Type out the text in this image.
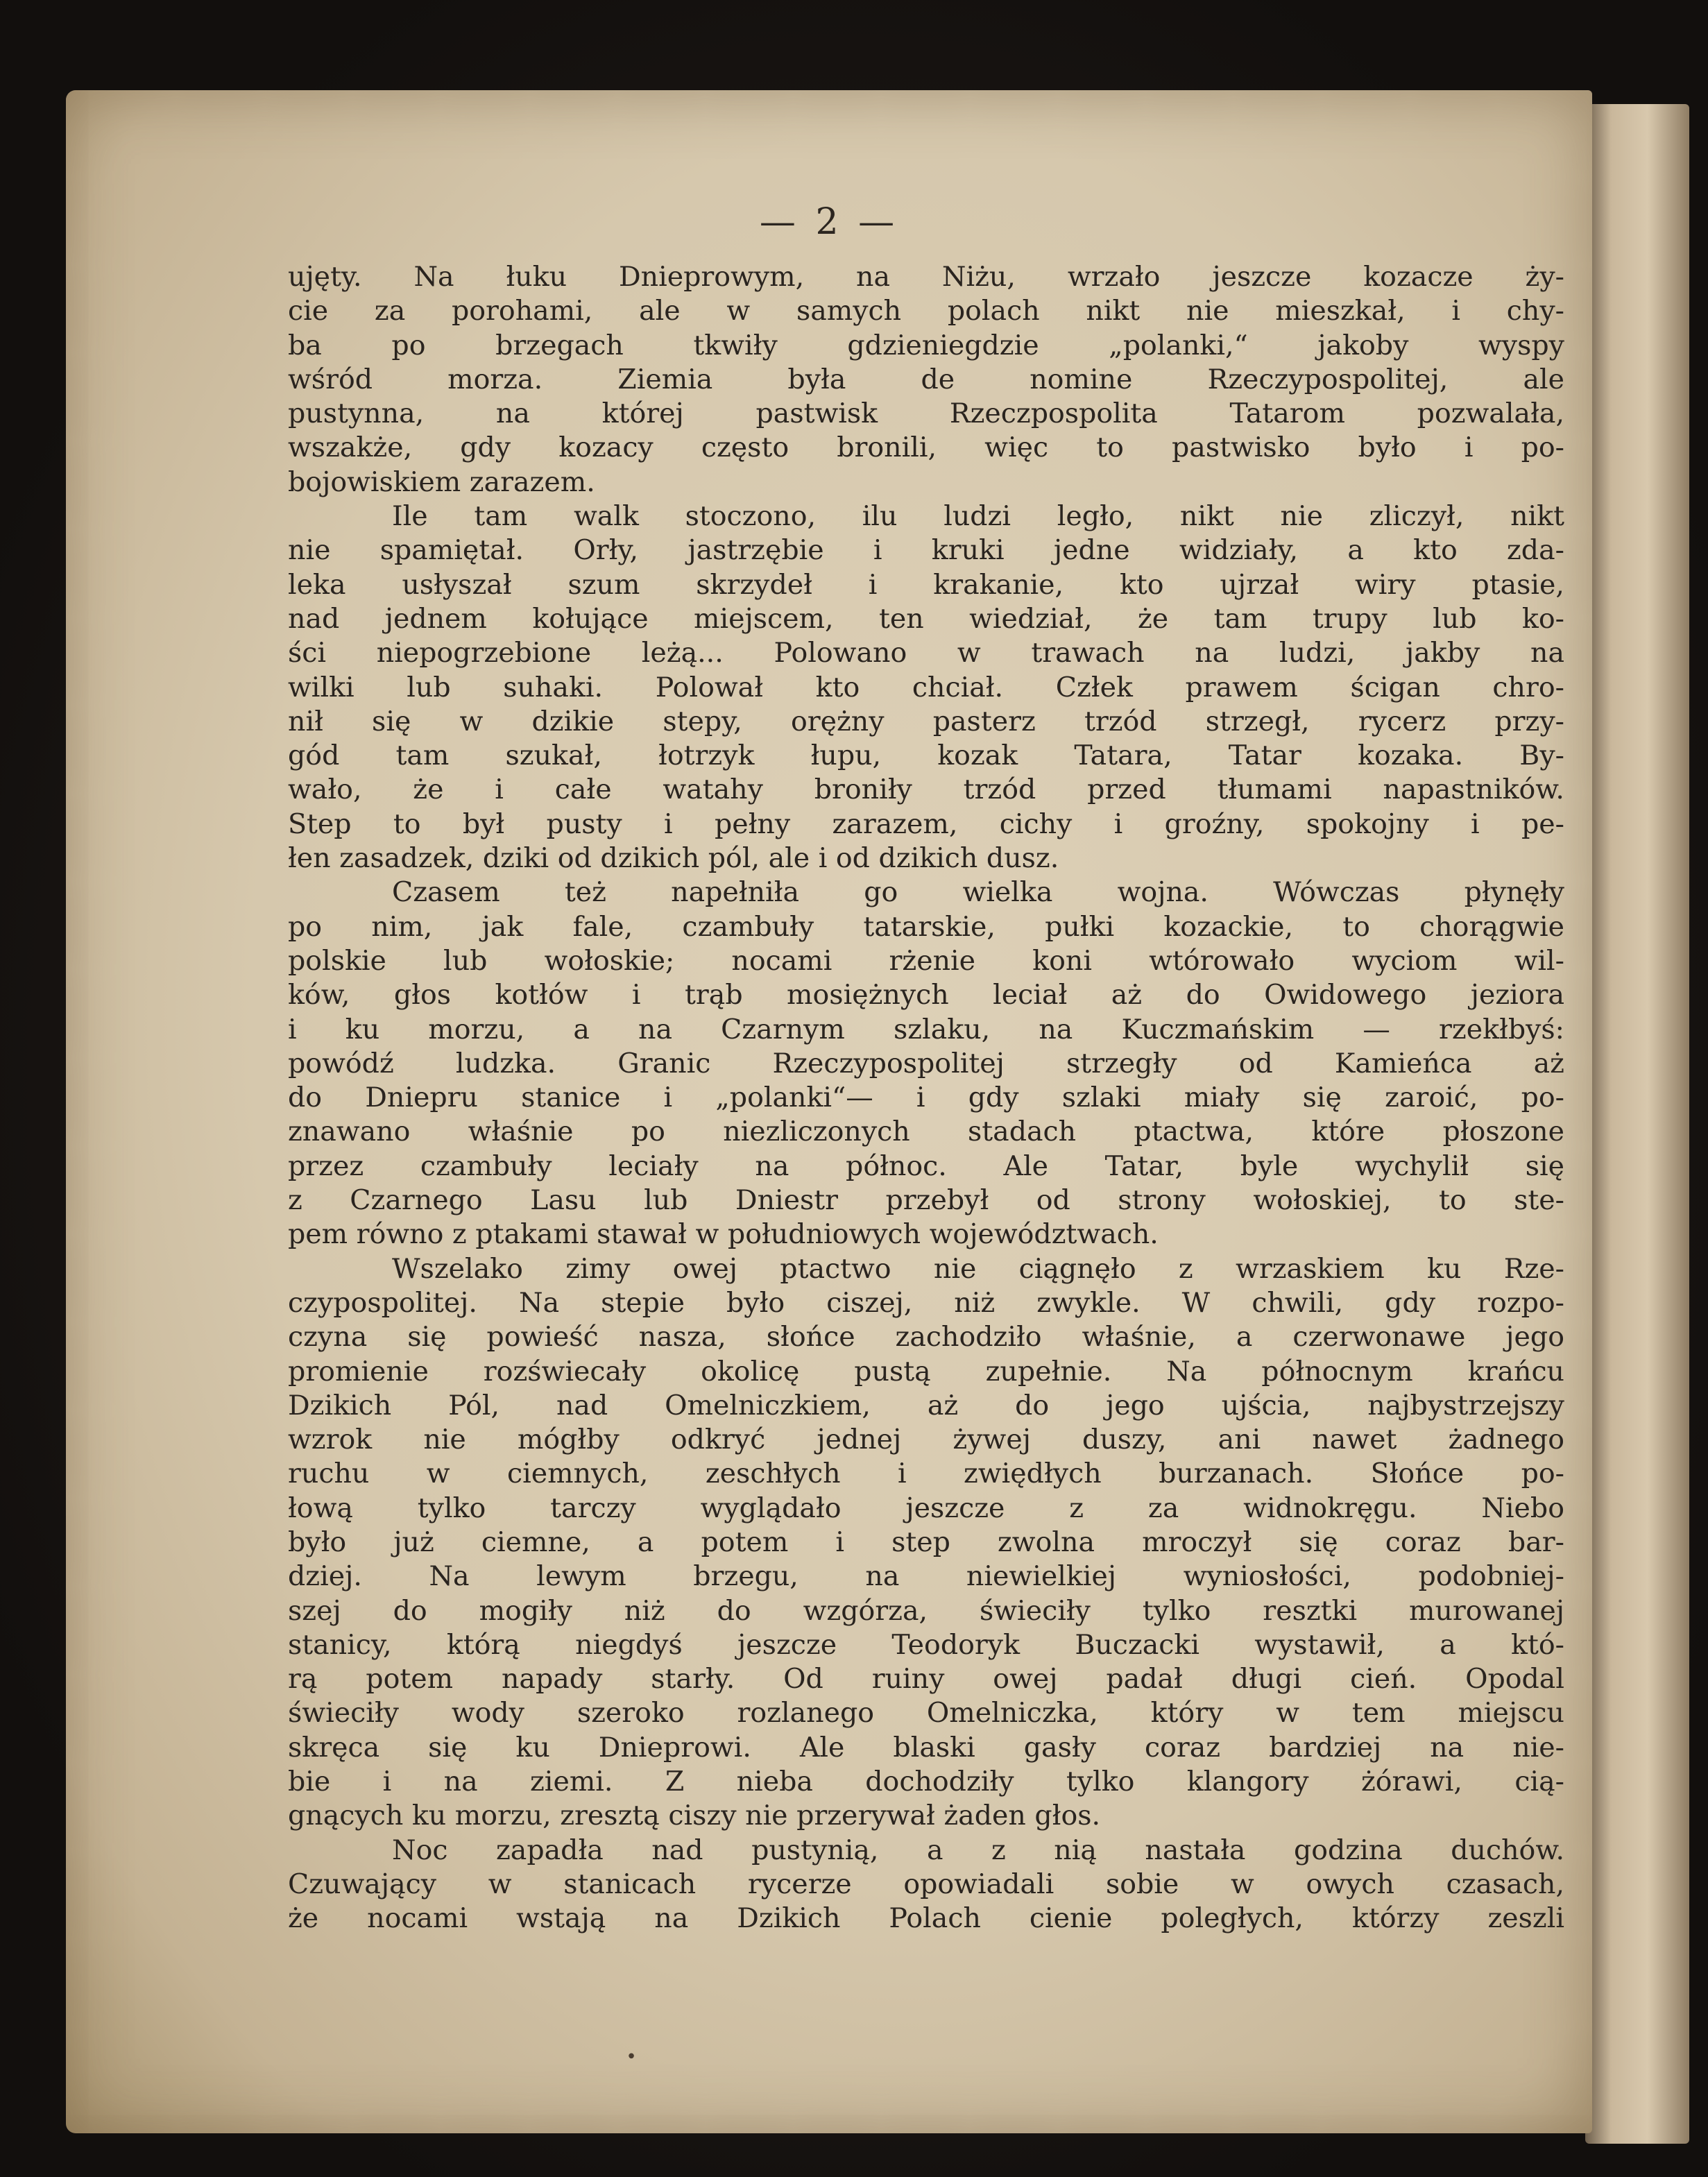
— 2 —
ujęty. Na łuku Dnieprowym, na Niżu, wrzało jeszcze kozacze ży-
cie za porohami, ale w samych polach nikt nie mieszkał, i chy-
ba po brzegach tkwiły gdzieniegdzie „polanki,“ jakoby wyspy
wśród morza. Ziemia była de nomine Rzeczypospolitej, ale
pustynna, na której pastwisk Rzeczpospolita Tatarom pozwalała,
wszakże, gdy kozacy często bronili, więc to pastwisko było i po-
bojowiskiem zarazem.
Ile tam walk stoczono, ilu ludzi legło, nikt nie zliczył, nikt
nie spamiętał. Orły, jastrzębie i kruki jedne widziały, a kto zda-
leka usłyszał szum skrzydeł i krakanie, kto ujrzał wiry ptasie,
nad jednem kołujące miejscem, ten wiedział, że tam trupy lub ko-
ści niepogrzebione leżą... Polowano w trawach na ludzi, jakby na
wilki lub suhaki. Polował kto chciał. Człek prawem ścigan chro-
nił się w dzikie stepy, orężny pasterz trzód strzegł, rycerz przy-
gód tam szukał, łotrzyk łupu, kozak Tatara, Tatar kozaka. By-
wało, że i całe watahy broniły trzód przed tłumami napastników.
Step to był pusty i pełny zarazem, cichy i groźny, spokojny i pe-
łen zasadzek, dziki od dzikich pól, ale i od dzikich dusz.
Czasem też napełniła go wielka wojna. Wówczas płynęły
po nim, jak fale, czambuły tatarskie, pułki kozackie, to chorągwie
polskie lub wołoskie; nocami rżenie koni wtórowało wyciom wil-
ków, głos kotłów i trąb mosiężnych leciał aż do Owidowego jeziora
i ku morzu, a na Czarnym szlaku, na Kuczmańskim — rzekłbyś:
powódź ludzka. Granic Rzeczypospolitej strzegły od Kamieńca aż
do Dniepru stanice i „polanki“— i gdy szlaki miały się zaroić, po-
znawano właśnie po niezliczonych stadach ptactwa, które płoszone
przez czambuły leciały na północ. Ale Tatar, byle wychylił się
z Czarnego Lasu lub Dniestr przebył od strony wołoskiej, to ste-
pem równo z ptakami stawał w południowych województwach.
Wszelako zimy owej ptactwo nie ciągnęło z wrzaskiem ku Rze-
czypospolitej. Na stepie było ciszej, niż zwykle. W chwili, gdy rozpo-
czyna się powieść nasza, słońce zachodziło właśnie, a czerwonawe jego
promienie rozświecały okolicę pustą zupełnie. Na północnym krańcu
Dzikich Pól, nad Omelniczkiem, aż do jego ujścia, najbystrzejszy
wzrok nie mógłby odkryć jednej żywej duszy, ani nawet żadnego
ruchu w ciemnych, zeschłych i zwiędłych burzanach. Słońce po-
łową tylko tarczy wyglądało jeszcze z za widnokręgu. Niebo
było już ciemne, a potem i step zwolna mroczył się coraz bar-
dziej. Na lewym brzegu, na niewielkiej wyniosłości, podobniej-
szej do mogiły niż do wzgórza, świeciły tylko resztki murowanej
stanicy, którą niegdyś jeszcze Teodoryk Buczacki wystawił, a któ-
rą potem napady starły. Od ruiny owej padał długi cień. Opodal
świeciły wody szeroko rozlanego Omelniczka, który w tem miejscu
skręca się ku Dnieprowi. Ale blaski gasły coraz bardziej na nie-
bie i na ziemi. Z nieba dochodziły tylko klangory żórawi, cią-
gnących ku morzu, zresztą ciszy nie przerywał żaden głos.
Noc zapadła nad pustynią, a z nią nastała godzina duchów.
Czuwający w stanicach rycerze opowiadali sobie w owych czasach,
że nocami wstają na Dzikich Polach cienie poległych, którzy zeszli
•
